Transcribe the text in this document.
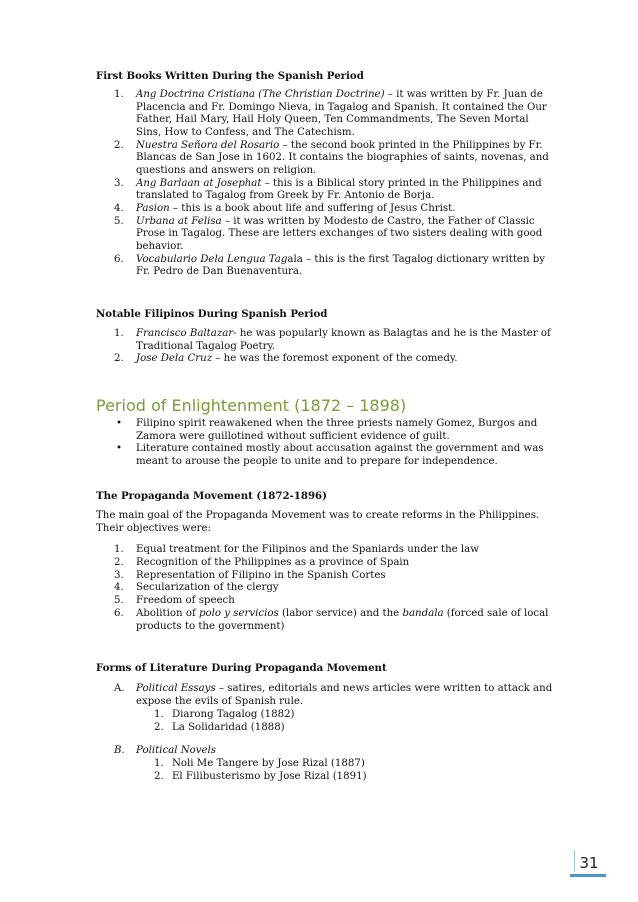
First Books Written During the Spanish Period
1. Ang Doctrina Cristiana (The Christian Doctrine) – it was written by Fr. Juan de Placencia and Fr. Domingo Nieva, in Tagalog and Spanish. It contained the Our Father, Hail Mary, Hail Holy Queen, Ten Commandments, The Seven Mortal Sins, How to Confess, and The Catechism.
2. Nuestra Señora del Rosario – the second book printed in the Philippines by Fr. Blancas de San Jose in 1602. It contains the biographies of saints, novenas, and questions and answers on religion.
3. Ang Barlaan at Josephat – this is a Biblical story printed in the Philippines and translated to Tagalog from Greek by Fr. Antonio de Borja.
4. Pasion – this is a book about life and suffering of Jesus Christ.
5. Urbana at Felisa – it was written by Modesto de Castro, the Father of Classic Prose in Tagalog. These are letters exchanges of two sisters dealing with good behavior.
6. Vocabulario Dela Lengua Tagala – this is the first Tagalog dictionary written by Fr. Pedro de Dan Buenaventura.
Notable Filipinos During Spanish Period
1. Francisco Baltazar- he was popularly known as Balagtas and he is the Master of Traditional Tagalog Poetry.
2. Jose Dela Cruz – he was the foremost exponent of the comedy.
Period of Enlightenment (1872 – 1898)
• Filipino spirit reawakened when the three priests namely Gomez, Burgos and Zamora were guillotined without sufficient evidence of guilt.
• Literature contained mostly about accusation against the government and was meant to arouse the people to unite and to prepare for independence.
The Propaganda Movement (1872-1896)
The main goal of the Propaganda Movement was to create reforms in the Philippines. Their objectives were:
1. Equal treatment for the Filipinos and the Spaniards under the law
2. Recognition of the Philippines as a province of Spain
3. Representation of Filipino in the Spanish Cortes
4. Secularization of the clergy
5. Freedom of speech
6. Abolition of polo y servicios (labor service) and the bandala (forced sale of local products to the government)
Forms of Literature During Propaganda Movement
A. Political Essays – satires, editorials and news articles were written to attack and expose the evils of Spanish rule.
1. Diarong Tagalog (1882)
2. La Solidaridad (1888)
B. Political Novels
1. Noli Me Tangere by Jose Rizal (1887)
2. El Filibusterismo by Jose Rizal (1891)
31
